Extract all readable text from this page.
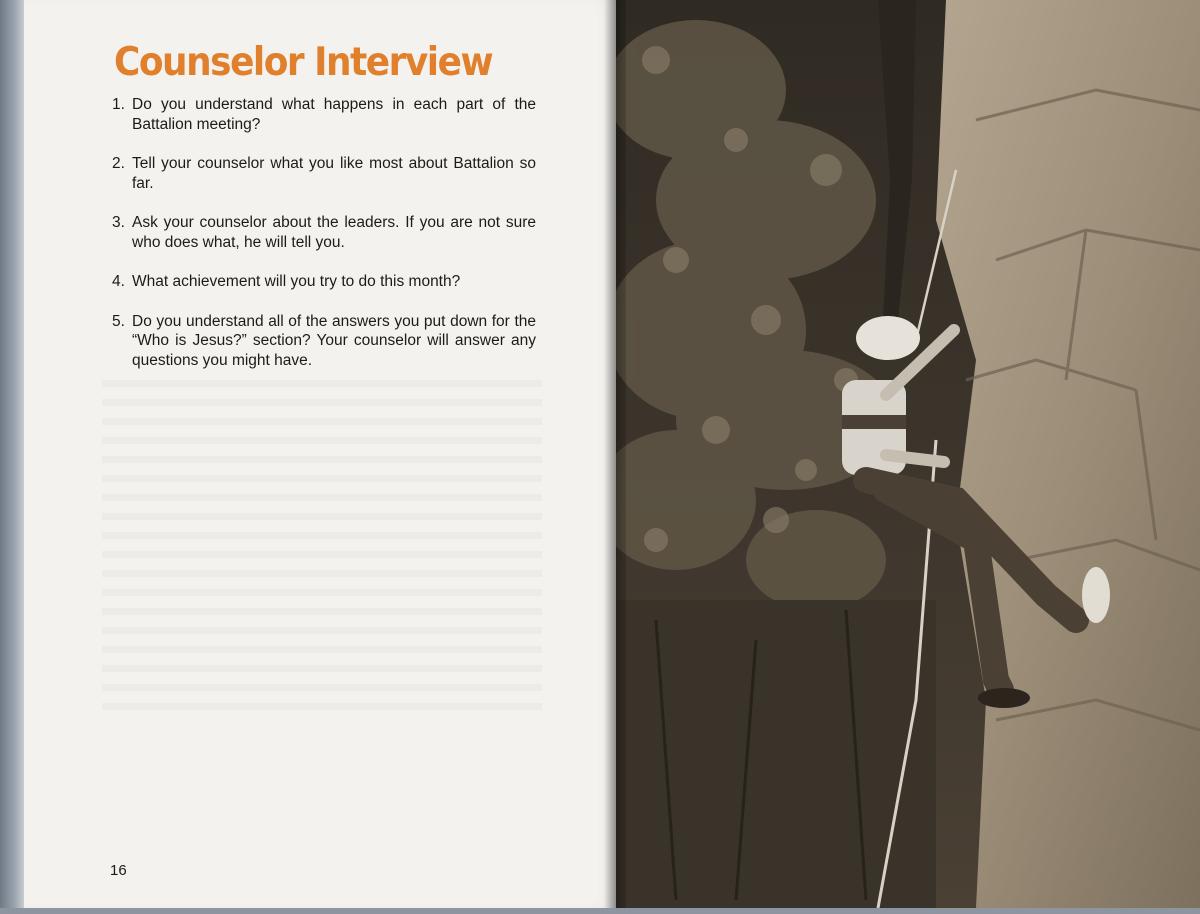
Counselor Interview
1. Do you understand what happens in each part of the Battalion meeting?
2. Tell your counselor what you like most about Battalion so far.
3. Ask your counselor about the leaders. If you are not sure who does what, he will tell you.
4. What achievement will you try to do this month?
5. Do you understand all of the answers you put down for the “Who is Jesus?” section? Your counselor will answer any questions you might have.
16
